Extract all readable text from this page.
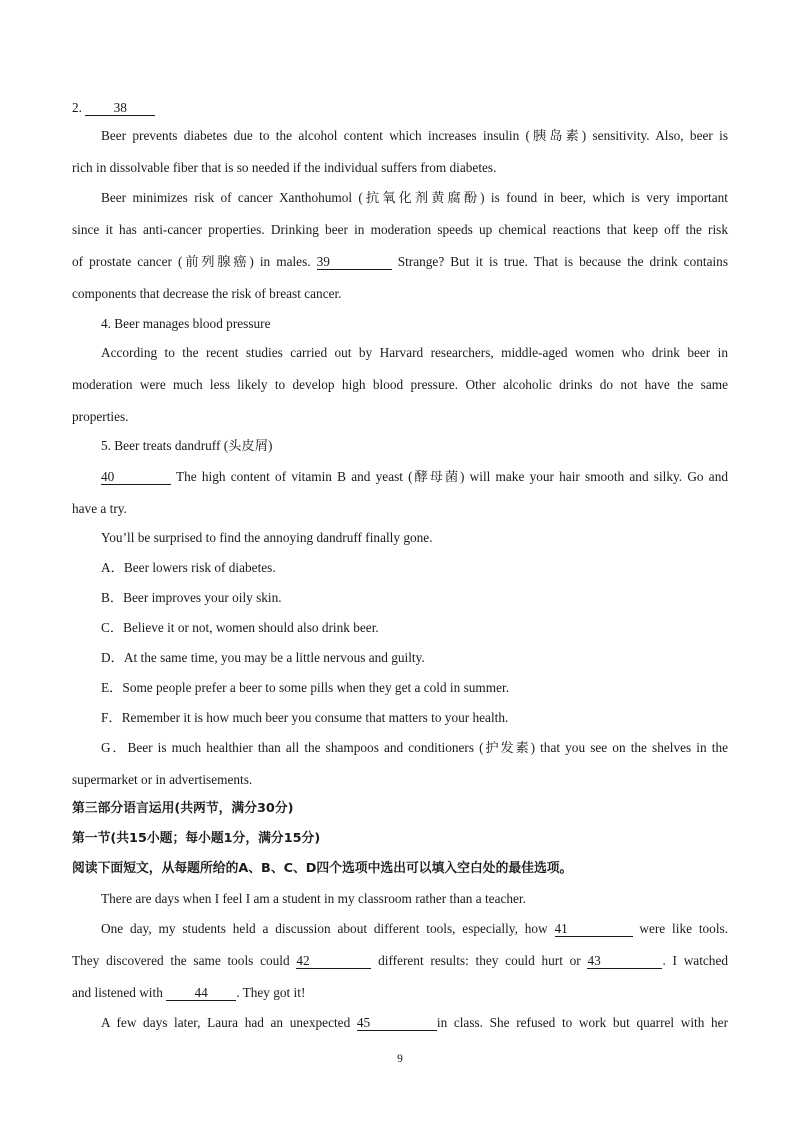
2. 38
Beer prevents diabetes due to the alcohol content which increases insulin (胰岛素) sensitivity. Also, beer is
rich in dissolvable fiber that is so needed if the individual suffers from diabetes.
Beer minimizes risk of cancer Xanthohumol (抗氧化剂黄腐酚) is found in beer, which is very important
since it has anti-cancer properties. Drinking beer in moderation speeds up chemical reactions that keep off the risk
of prostate cancer (前列腺癌) in males. 39	Strange? But it is true. That is because the drink contains
components that decrease the risk of breast cancer.
4. Beer manages blood pressure
According to the recent studies carried out by Harvard researchers, middle-aged women who drink beer in
moderation were much less likely to develop high blood pressure. Other alcoholic drinks do not have the same
properties.
5. Beer treats dandruff (头皮屑)
40	The high content of vitamin B and yeast (酵母菌) will make your hair smooth and silky. Go and
have a try.
You’ll be surprised to find the annoying dandruff finally gone.
A．Beer lowers risk of diabetes.
B．Beer improves your oily skin.
C．Believe it or not, women should also drink beer.
D．At the same time, you may be a little nervous and guilty.
E．Some people prefer a beer to some pills when they get a cold in summer.
F．Remember it is how much beer you consume that matters to your health.
G．Beer is much healthier than all the shampoos and conditioners (护发素) that you see on the shelves in the
supermarket or in advertisements.
第三部分语言运用(共两节，满分30分)
第一节(共15小题；每小题1分，满分15分)
阅读下面短文，从每题所给的A、B、C、D四个选项中选出可以填入空白处的最佳选项。
There are days when I feel I am a student in my classroom rather than a teacher.
One day, my students held a discussion about different tools, especially, how 41	were like tools.
They discovered the same tools could 42	different results: they could hurt or 43	. I watched
and listened with 44 . They got it!
A few days later, Laura had an unexpected 45	in class. She refused to work but quarrel with her
9
